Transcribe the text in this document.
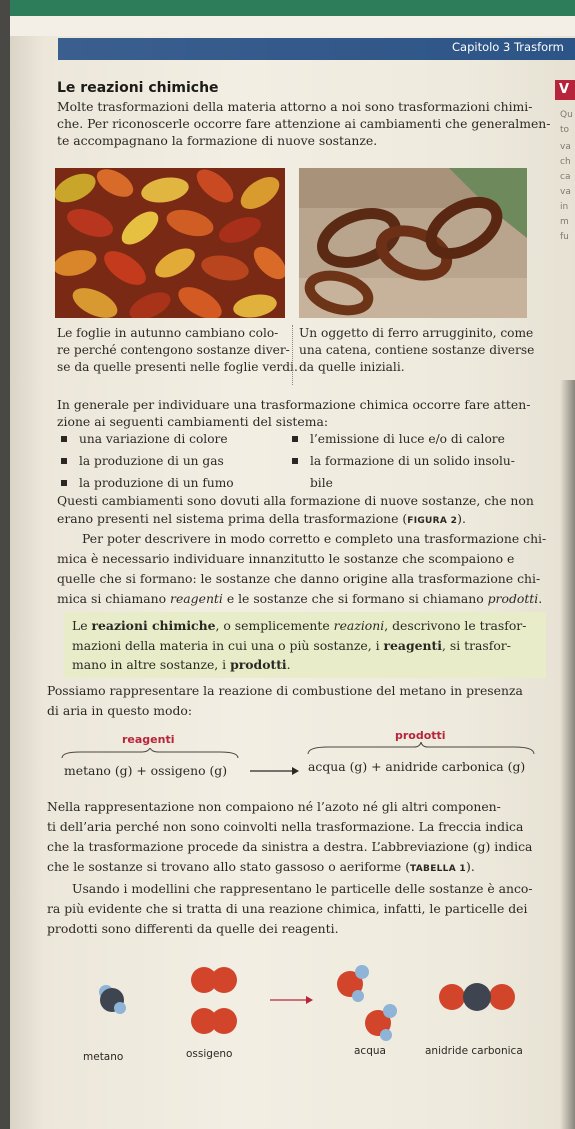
Capitolo 3 Trasform
Le reazioni chimiche
Molte trasformazioni della materia attorno a noi sono trasformazioni chimi-
che. Per riconoscerle occorre fare attenzione ai cambiamenti che generalmen-
te accompagnano la formazione di nuove sostanze.
V
Qu
to
va
ch
ca
va
in
m
fu
Le foglie in autunno cambiano colo-
re perché contengono sostanze diver-
se da quelle presenti nelle foglie verdi.
Un oggetto di ferro arrugginito, come
una catena, contiene sostanze diverse
da quelle iniziali.
In generale per individuare una trasformazione chimica occorre fare atten-
zione ai seguenti cambiamenti del sistema:
una variazione di colore
la produzione di un gas
la produzione di un fumo
l’emissione di luce e/o di calore
la formazione di un solido insolu-
bile
Questi cambiamenti sono dovuti alla formazione di nuove sostanze, che non
erano presenti nel sistema prima della trasformazione (FIGURA 2).
Per poter descrivere in modo corretto e completo una trasformazione chi-
mica è necessario individuare innanzitutto le sostanze che scompaiono e
quelle che si formano: le sostanze che danno origine alla trasformazione chi-
mica si chiamano reagenti e le sostanze che si formano si chiamano prodotti.
Le reazioni chimiche, o semplicemente reazioni, descrivono le trasfor-
mazioni della materia in cui una o più sostanze, i reagenti, si trasfor-
mano in altre sostanze, i prodotti.
Possiamo rappresentare la reazione di combustione del metano in presenza
di aria in questo modo:
reagenti	prodotti
metano (g) + ossigeno (g) → acqua (g) + anidride carbonica (g)
Nella rappresentazione non compaiono né l’azoto né gli altri componen-
ti dell’aria perché non sono coinvolti nella trasformazione. La freccia indica
che la trasformazione procede da sinistra a destra. L’abbreviazione (g) indica
che le sostanze si trovano allo stato gassoso o aeriforme (TABELLA 1).
Usando i modellini che rappresentano le particelle delle sostanze è anco-
ra più evidente che si tratta di una reazione chimica, infatti, le particelle dei
prodotti sono differenti da quelle dei reagenti.
metano	ossigeno	acqua	anidride carbonica
